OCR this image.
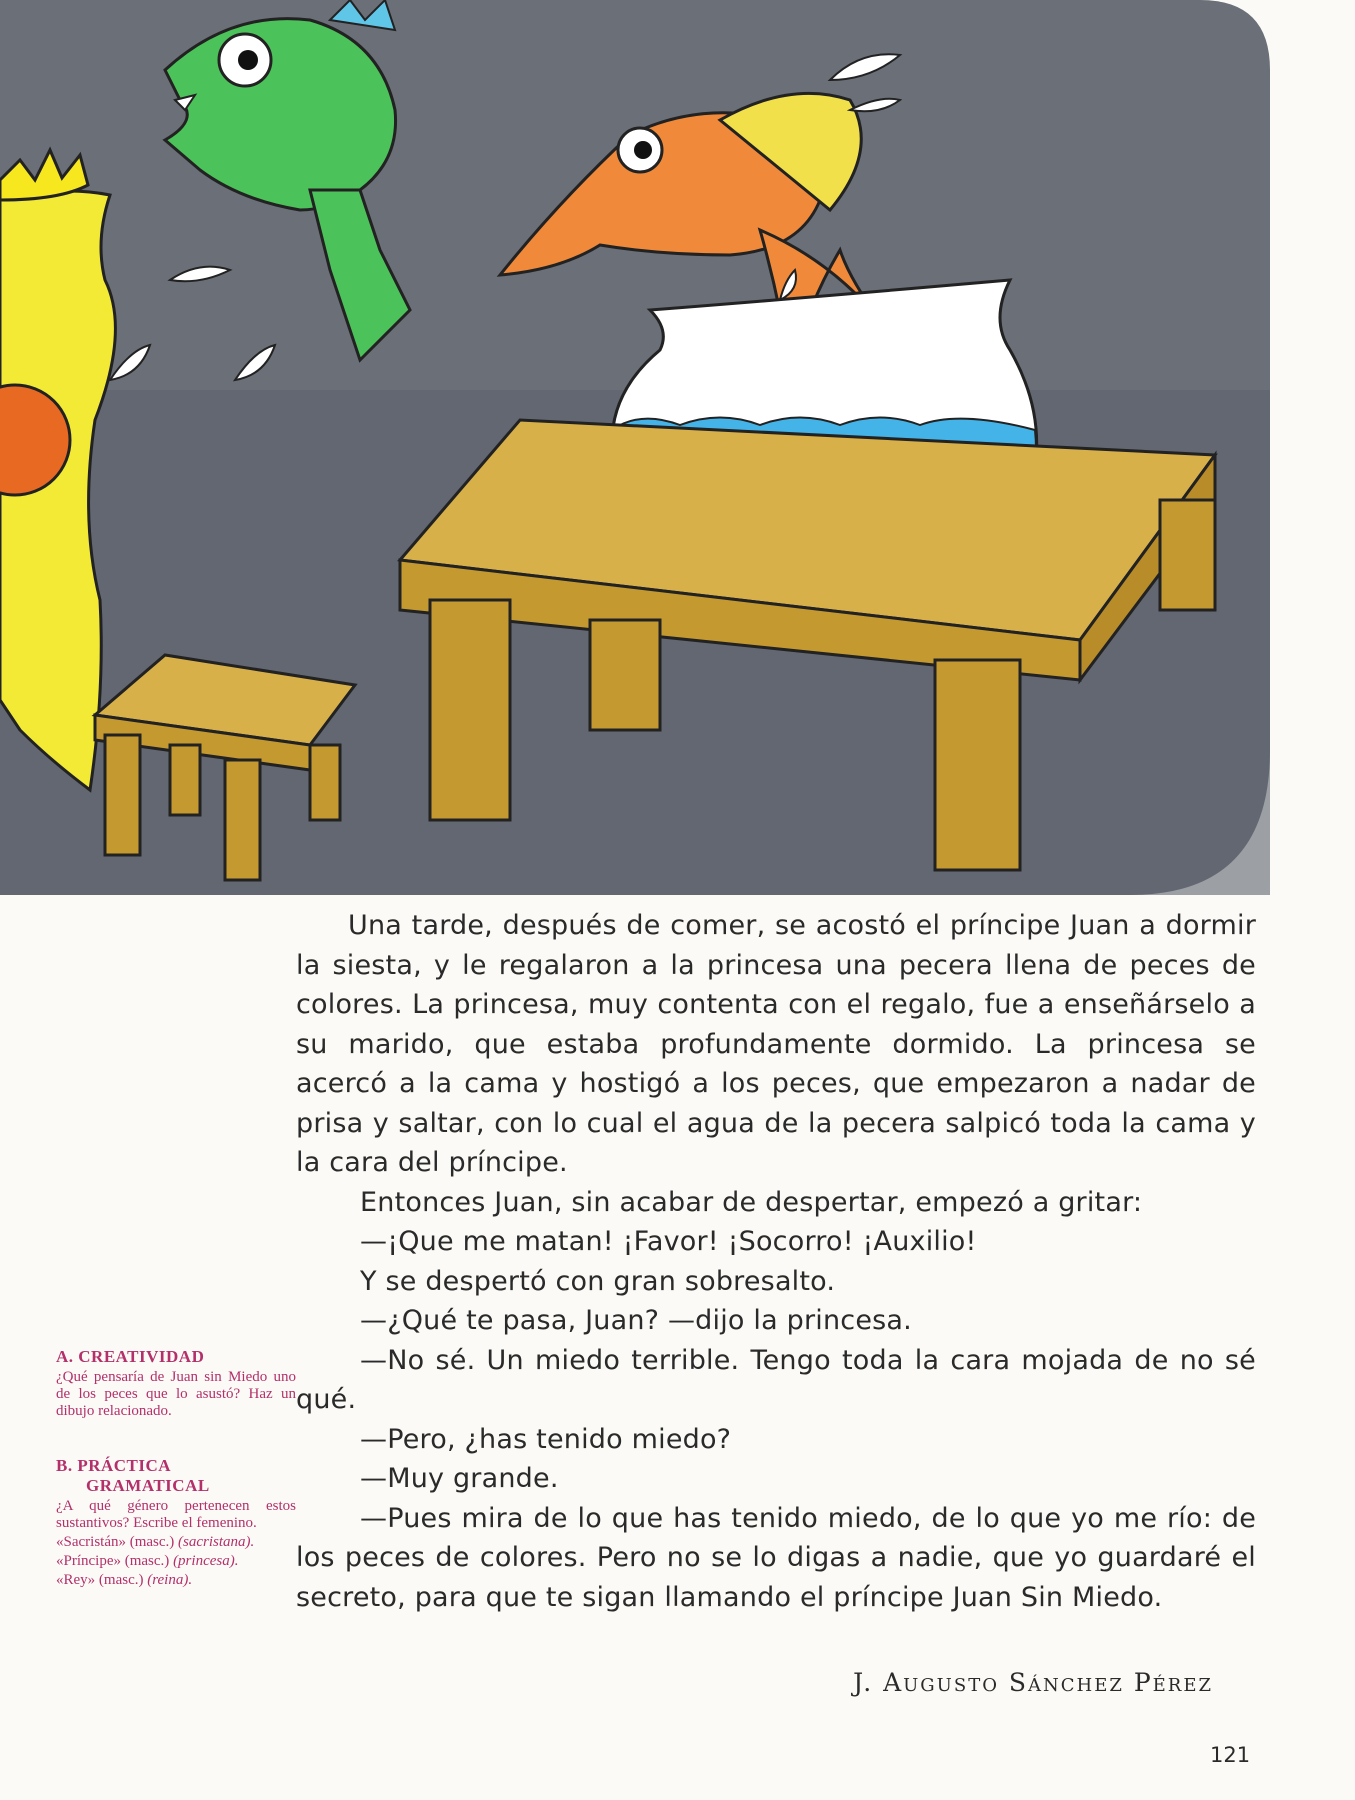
Una tarde, después de comer, se acostó el príncipe Juan a dormir la siesta, y le regalaron a la princesa una pecera llena de peces de colores. La princesa, muy contenta con el regalo, fue a enseñárselo a su marido, que estaba profundamente dormido. La princesa se acercó a la cama y hostigó a los peces, que empezaron a nadar de prisa y saltar, con lo cual el agua de la pecera salpicó toda la cama y la cara del príncipe.

Entonces Juan, sin acabar de despertar, empezó a gritar:

—¡Que me matan! ¡Favor! ¡Socorro! ¡Auxilio!

Y se despertó con gran sobresalto.

—¿Qué te pasa, Juan? —dijo la princesa.

—No sé. Un miedo terrible. Tengo toda la cara mojada de no sé qué.

—Pero, ¿has tenido miedo?

—Muy grande.

—Pues mira de lo que has tenido miedo, de lo que yo me río: de los peces de colores. Pero no se lo digas a nadie, que yo guardaré el secreto, para que te sigan llamando el príncipe Juan Sin Miedo.

J. Augusto Sánchez Pérez

A. CREATIVIDAD

¿Qué pensaría de Juan sin Miedo uno de los peces que lo asustó? Haz un dibujo relacionado.

B. PRÁCTICA

GRAMATICAL

¿A qué género pertenecen estos sustantivos? Escribe el femenino.

«Sacristán» (masc.) (sacristana).

«Príncipe» (masc.) (princesa).

«Rey» (masc.) (reina).

121
